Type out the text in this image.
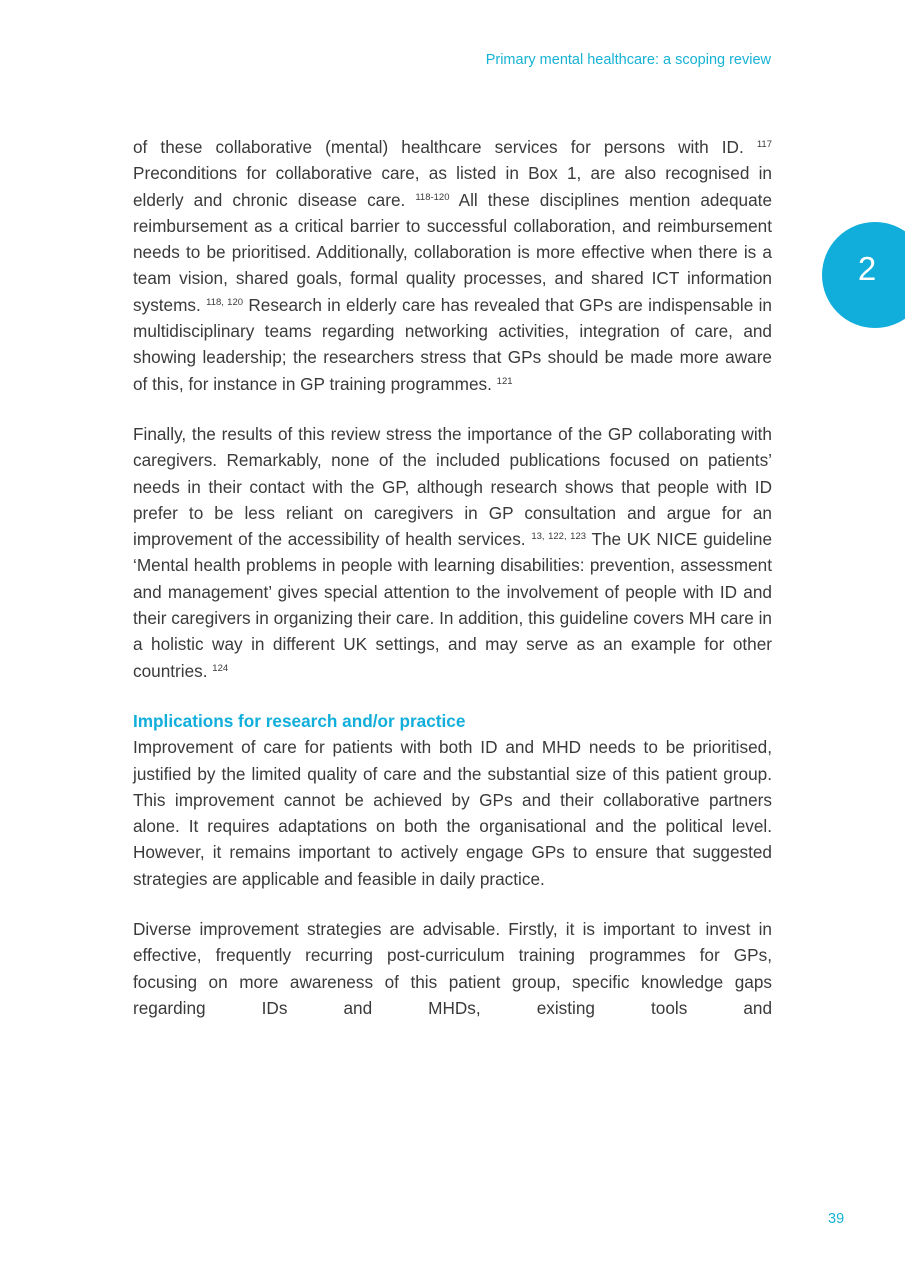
Primary mental healthcare: a scoping review
2

of these collaborative (mental) healthcare services for persons with ID. $^{117}$ Preconditions for collaborative care, as listed in Box 1, are also recognised in elderly and chronic disease care. $^{118-120}$ All these disciplines mention adequate reimbursement as a critical barrier to successful collaboration, and reimbursement needs to be prioritised. Additionally, collaboration is more effective when there is a team vision, shared goals, formal quality processes, and shared ICT information systems. $^{118, 120}$ Research in elderly care has revealed that GPs are indispensable in multidisciplinary teams regarding networking activities, integration of care, and showing leadership; the researchers stress that GPs should be made more aware of this, for instance in GP training programmes. $^{121}$

Finally, the results of this review stress the importance of the GP collaborating with caregivers. Remarkably, none of the included publications focused on patients’ needs in their contact with the GP, although research shows that people with ID prefer to be less reliant on caregivers in GP consultation and argue for an improvement of the accessibility of health services. $^{13, 122, 123}$ The UK NICE guideline ‘Mental health problems in people with learning disabilities: prevention, assessment and management’ gives special attention to the involvement of people with ID and their caregivers in organizing their care. In addition, this guideline covers MH care in a holistic way in different UK settings, and may serve as an example for other countries. $^{124}$

Implications for research and/or practice

Improvement of care for patients with both ID and MHD needs to be prioritised, justified by the limited quality of care and the substantial size of this patient group. This improvement cannot be achieved by GPs and their collaborative partners alone. It requires adaptations on both the organisational and the political level. However, it remains important to actively engage GPs to ensure that suggested strategies are applicable and feasible in daily practice.

Diverse improvement strategies are advisable. Firstly, it is important to invest in effective, frequently recurring post-curriculum training programmes for GPs, focusing on more awareness of this patient group, specific knowledge gaps regarding IDs and MHDs, existing tools and

39
